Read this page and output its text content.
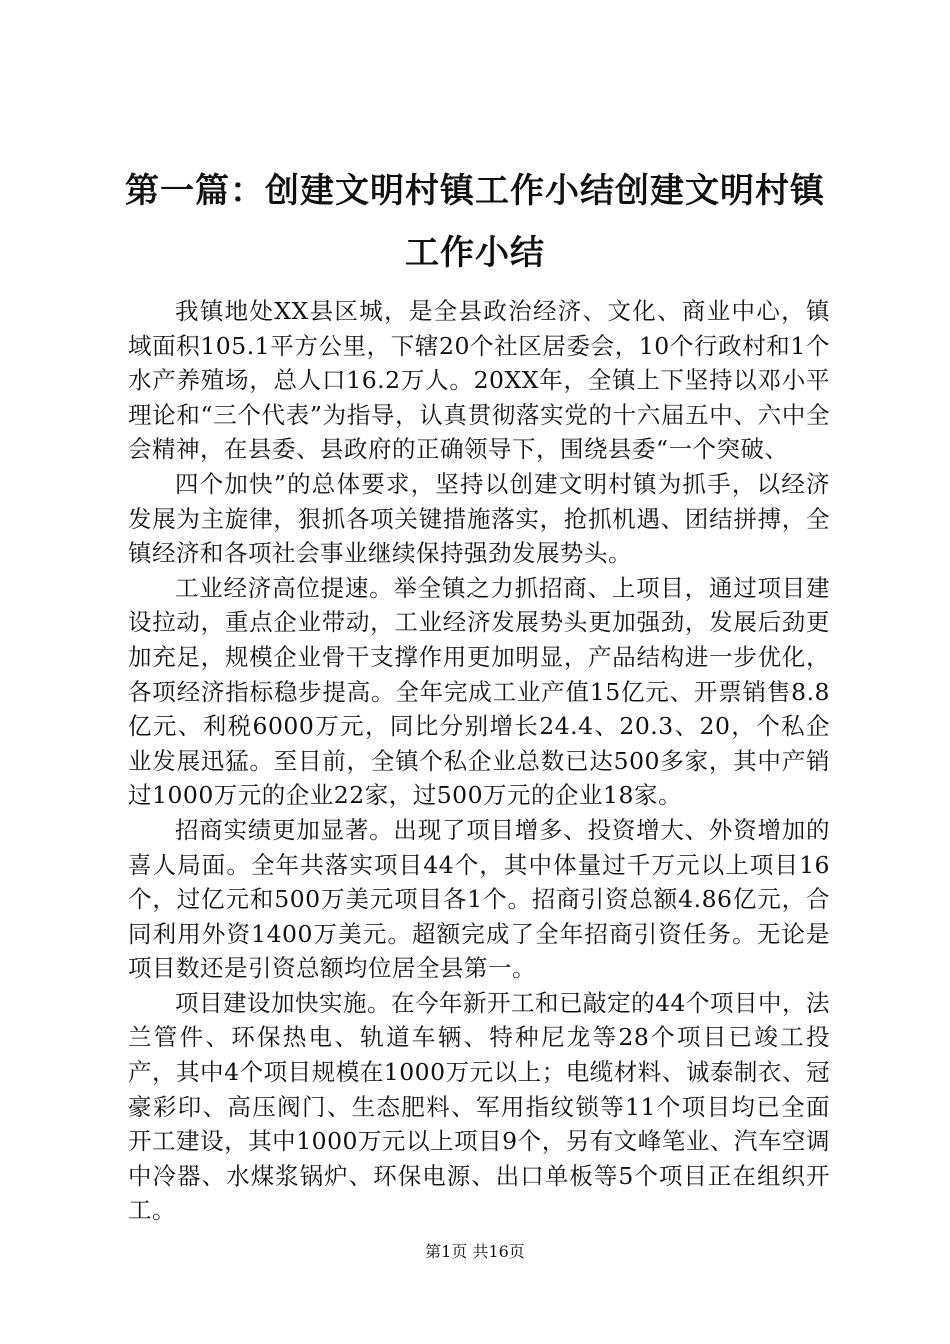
第一篇：创建文明村镇工作小结创建文明村镇工作小结

我镇地处XX县区城，是全县政治经济、文化、商业中心，镇域面积105.1平方公里，下辖20个社区居委会，10个行政村和1个水产养殖场，总人口16.2万人。20XX年，全镇上下坚持以邓小平理论和“三个代表”为指导，认真贯彻落实党的十六届五中、六中全会精神，在县委、县政府的正确领导下，围绕县委“一个突破、

四个加快”的总体要求，坚持以创建文明村镇为抓手，以经济发展为主旋律，狠抓各项关键措施落实，抢抓机遇、团结拼搏，全镇经济和各项社会事业继续保持强劲发展势头。

工业经济高位提速。举全镇之力抓招商、上项目，通过项目建设拉动，重点企业带动，工业经济发展势头更加强劲，发展后劲更加充足，规模企业骨干支撑作用更加明显，产品结构进一步优化，各项经济指标稳步提高。全年完成工业产值15亿元、开票销售8.8亿元、利税6000万元，同比分别增长24.4、20.3、20，个私企业发展迅猛。至目前，全镇个私企业总数已达500多家，其中产销过1000万元的企业22家，过500万元的企业18家。

招商实绩更加显著。出现了项目增多、投资增大、外资增加的喜人局面。全年共落实项目44个，其中体量过千万元以上项目16个，过亿元和500万美元项目各1个。招商引资总额4.86亿元，合同利用外资1400万美元。超额完成了全年招商引资任务。无论是项目数还是引资总额均位居全县第一。

项目建设加快实施。在今年新开工和已敲定的44个项目中，法兰管件、环保热电、轨道车辆、特种尼龙等28个项目已竣工投产，其中4个项目规模在1000万元以上；电缆材料、诚泰制衣、冠豪彩印、高压阀门、生态肥料、军用指纹锁等11个项目均已全面开工建设，其中1000万元以上项目9个，另有文峰笔业、汽车空调中冷器、水煤浆锅炉、环保电源、出口单板等5个项目正在组织开工。

第1页 共16页
